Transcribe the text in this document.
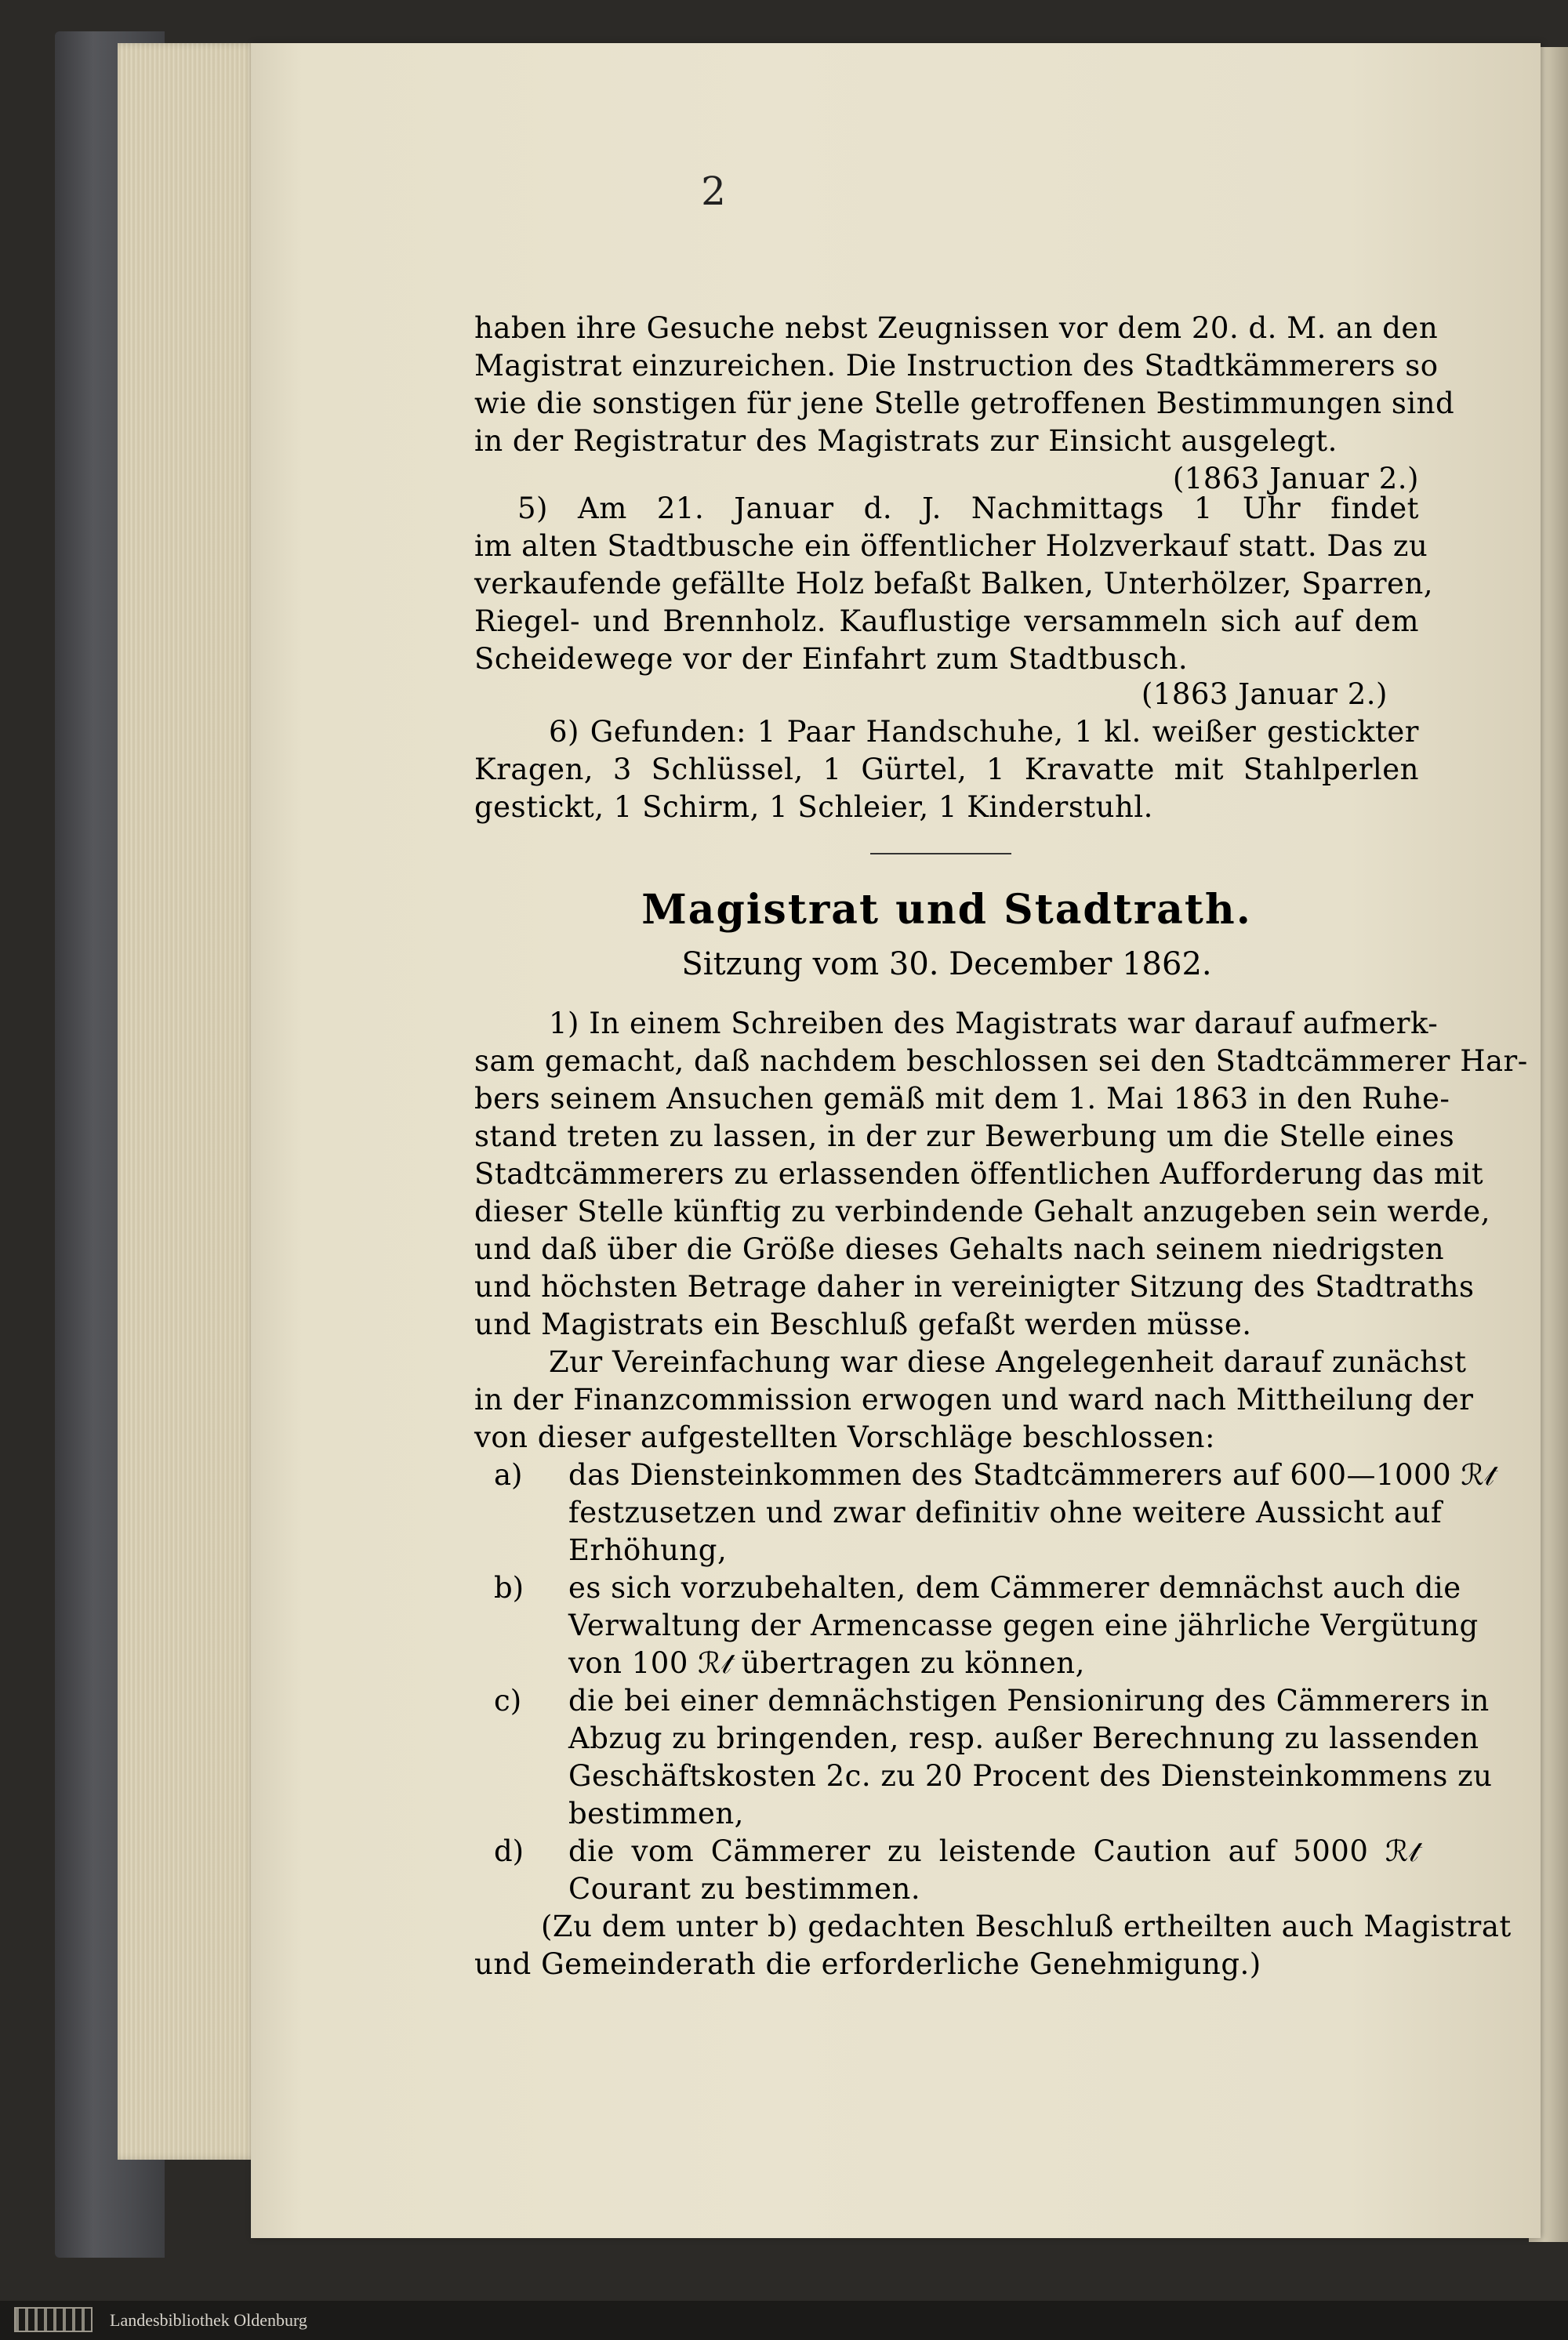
2
haben ihre Gesuche nebst Zeugnissen vor dem 20. d. M. an den
Magistrat einzureichen. Die Instruction des Stadtkämmerers so
wie die sonstigen für jene Stelle getroffenen Bestimmungen sind
in der Registratur des Magistrats zur Einsicht ausgelegt.
(1863 Januar 2.)
5) Am 21. Januar d. J. Nachmittags 1 Uhr findet
im alten Stadtbusche ein öffentlicher Holzverkauf statt. Das zu
verkaufende gefällte Holz befaßt Balken, Unterhölzer, Sparren,
Riegel- und Brennholz. Kauflustige versammeln sich auf dem
Scheidewege vor der Einfahrt zum Stadtbusch.
(1863 Januar 2.)
6) Gefunden: 1 Paar Handschuhe, 1 kl. weißer gestickter
Kragen, 3 Schlüssel, 1 Gürtel, 1 Kravatte mit Stahlperlen
gestickt, 1 Schirm, 1 Schleier, 1 Kinderstuhl.
Magistrat und Stadtrath.
Sitzung vom 30. December 1862.
1) In einem Schreiben des Magistrats war darauf aufmerk-
sam gemacht, daß nachdem beschlossen sei den Stadtcämmerer Har-
bers seinem Ansuchen gemäß mit dem 1. Mai 1863 in den Ruhe-
stand treten zu lassen, in der zur Bewerbung um die Stelle eines
Stadtcämmerers zu erlassenden öffentlichen Aufforderung das mit
dieser Stelle künftig zu verbindende Gehalt anzugeben sein werde,
und daß über die Größe dieses Gehalts nach seinem niedrigsten
und höchsten Betrage daher in vereinigter Sitzung des Stadtraths
und Magistrats ein Beschluß gefaßt werden müsse.
Zur Vereinfachung war diese Angelegenheit darauf zunächst
in der Finanzcommission erwogen und ward nach Mittheilung der
von dieser aufgestellten Vorschläge beschlossen:
a) das Diensteinkommen des Stadtcämmerers auf 600—1000 ℛ𝓉
festzusetzen und zwar definitiv ohne weitere Aussicht auf
Erhöhung,
b) es sich vorzubehalten, dem Cämmerer demnächst auch die
Verwaltung der Armencasse gegen eine jährliche Vergütung
von 100 ℛ𝓉 übertragen zu können,
c) die bei einer demnächstigen Pensionirung des Cämmerers in
Abzug zu bringenden, resp. außer Berechnung zu lassenden
Geschäftskosten 2c. zu 20 Procent des Diensteinkommens zu
bestimmen,
d) die vom Cämmerer zu leistende Caution auf 5000 ℛ𝓉
Courant zu bestimmen.
(Zu dem unter b) gedachten Beschluß ertheilten auch Magistrat
und Gemeinderath die erforderliche Genehmigung.)
Landesbibliothek Oldenburg
